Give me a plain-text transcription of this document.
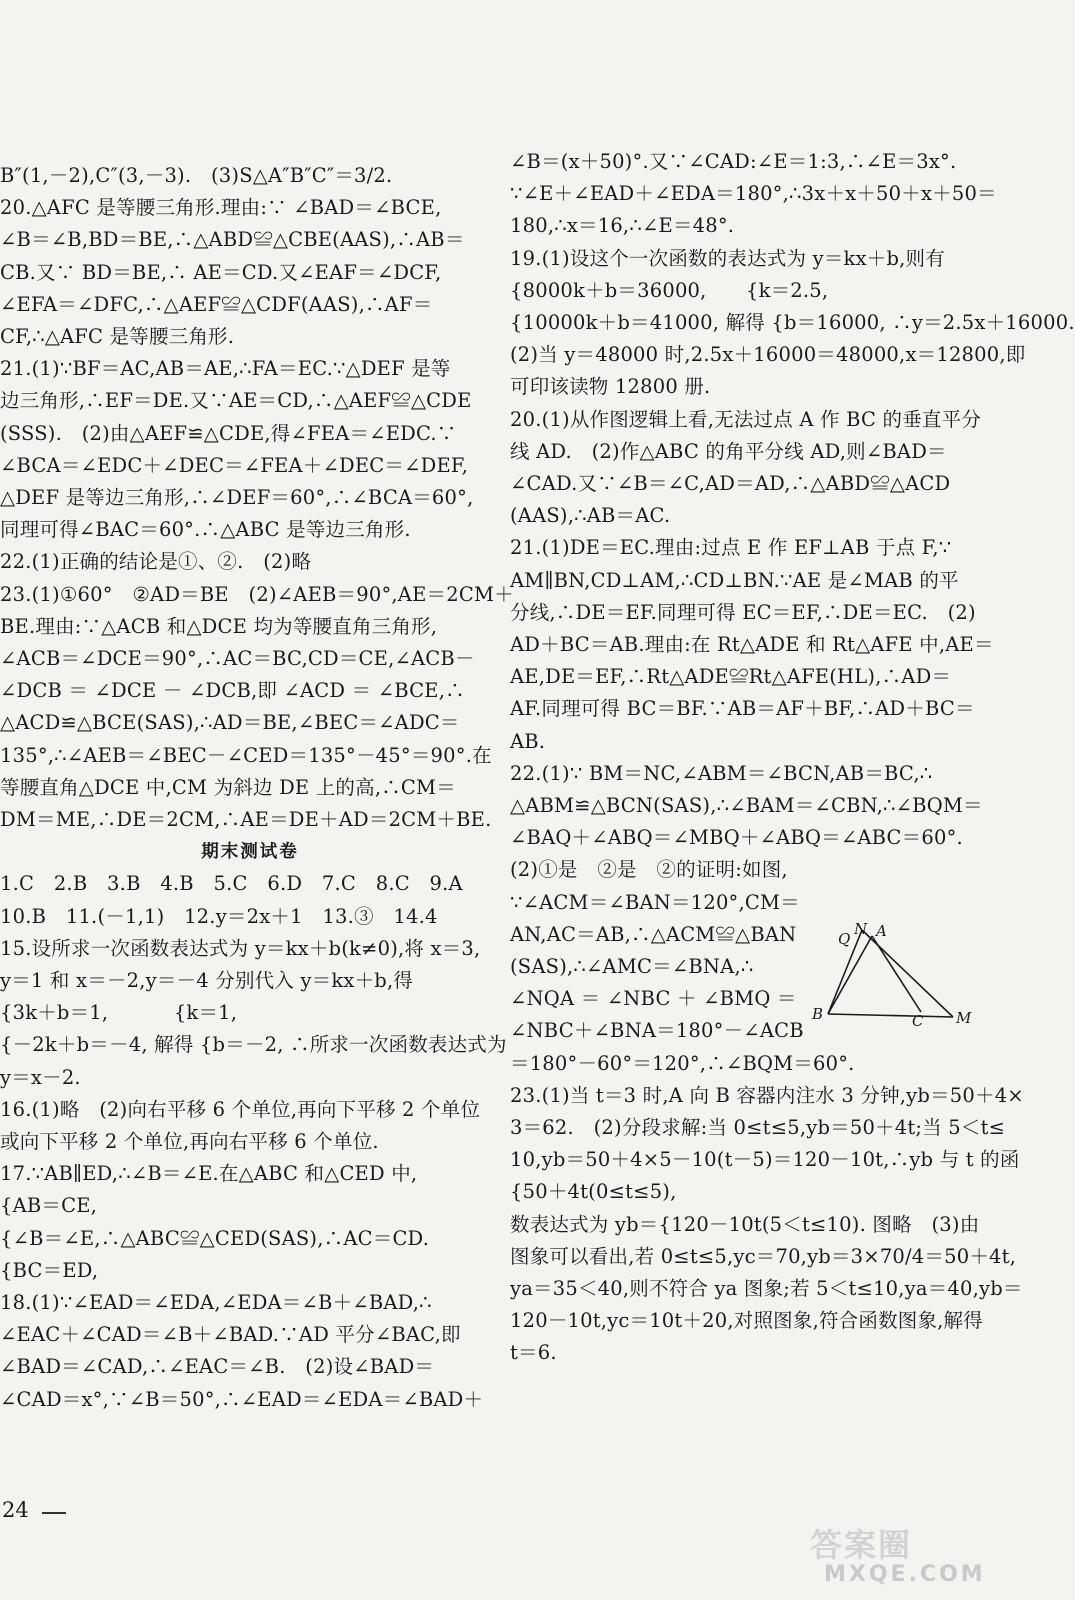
B″(1,－2),C″(3,－3).　(3)S△A″B″C″＝3/2.
20.△AFC 是等腰三角形.理由:∵ ∠BAD＝∠BCE,
∠B＝∠B,BD＝BE,∴△ABD≌△CBE(AAS),∴AB＝
CB.又∵ BD＝BE,∴ AE＝CD.又∠EAF＝∠DCF,
∠EFA＝∠DFC,∴△AEF≌△CDF(AAS),∴AF＝
CF,∴△AFC 是等腰三角形.
21.(1)∵BF＝AC,AB＝AE,∴FA＝EC.∵△DEF 是等
边三角形,∴EF＝DE.又∵AE＝CD,∴△AEF≌△CDE
(SSS).　(2)由△AEF≌△CDE,得∠FEA＝∠EDC.∵
∠BCA＝∠EDC＋∠DEC＝∠FEA＋∠DEC＝∠DEF,
△DEF 是等边三角形,∴∠DEF＝60°,∴∠BCA＝60°,
同理可得∠BAC＝60°.∴△ABC 是等边三角形.
22.(1)正确的结论是①、②.　(2)略
23.(1)①60°　②AD＝BE　(2)∠AEB＝90°,AE＝2CM＋
BE.理由:∵△ACB 和△DCE 均为等腰直角三角形,
∠ACB＝∠DCE＝90°,∴AC＝BC,CD＝CE,∠ACB－
∠DCB ＝ ∠DCE － ∠DCB,即 ∠ACD ＝ ∠BCE,∴
△ACD≌△BCE(SAS),∴AD＝BE,∠BEC＝∠ADC＝
135°,∴∠AEB＝∠BEC－∠CED＝135°－45°＝90°.在
等腰直角△DCE 中,CM 为斜边 DE 上的高,∴CM＝
DM＝ME,∴DE＝2CM,∴AE＝DE＋AD＝2CM＋BE.
期末测试卷
1.C　2.B　3.B　4.B　5.C　6.D　7.C　8.C　9.A
10.B　11.(－1,1)　12.y＝2x＋1　13.③　14.4
15.设所求一次函数表达式为 y＝kx＋b(k≠0),将 x＝3,
y＝1 和 x＝－2,y＝－4 分别代入 y＝kx＋b,得
{3k＋b＝1,　　　 {k＝1,
{－2k＋b＝－4, 解得 {b＝－2, ∴所求一次函数表达式为
y＝x－2.
16.(1)略　(2)向右平移 6 个单位,再向下平移 2 个单位
或向下平移 2 个单位,再向右平移 6 个单位.
17.∵AB∥ED,∴∠B＝∠E.在△ABC 和△CED 中,
{AB＝CE,
{∠B＝∠E,∴△ABC≌△CED(SAS),∴AC＝CD.
{BC＝ED,
18.(1)∵∠EAD＝∠EDA,∠EDA＝∠B＋∠BAD,∴
∠EAC＋∠CAD＝∠B＋∠BAD.∵AD 平分∠BAC,即
∠BAD＝∠CAD,∴∠EAC＝∠B.　(2)设∠BAD＝
∠CAD＝x°,∵∠B＝50°,∴∠EAD＝∠EDA＝∠BAD＋
∠B＝(x＋50)°.又∵∠CAD:∠E＝1:3,∴∠E＝3x°.
∵∠E＋∠EAD＋∠EDA＝180°,∴3x＋x＋50＋x＋50＝
180,∴x＝16,∴∠E＝48°.
19.(1)设这个一次函数的表达式为 y＝kx＋b,则有
{8000k＋b＝36000,　　{k＝2.5,
{10000k＋b＝41000, 解得 {b＝16000, ∴y＝2.5x＋16000.
(2)当 y＝48000 时,2.5x＋16000＝48000,x＝12800,即
可印该读物 12800 册.
20.(1)从作图逻辑上看,无法过点 A 作 BC 的垂直平分
线 AD.　(2)作△ABC 的角平分线 AD,则∠BAD＝
∠CAD.又∵∠B＝∠C,AD＝AD,∴△ABD≌△ACD
(AAS),∴AB＝AC.
21.(1)DE＝EC.理由:过点 E 作 EF⊥AB 于点 F,∵
AM∥BN,CD⊥AM,∴CD⊥BN.∵AE 是∠MAB 的平
分线,∴DE＝EF.同理可得 EC＝EF,∴DE＝EC.　(2)
AD＋BC＝AB.理由:在 Rt△ADE 和 Rt△AFE 中,AE＝
AE,DE＝EF,∴Rt△ADE≌Rt△AFE(HL),∴AD＝
AF.同理可得 BC＝BF.∵AB＝AF＋BF,∴AD＋BC＝
AB.
22.(1)∵ BM＝NC,∠ABM＝∠BCN,AB＝BC,∴
△ABM≌△BCN(SAS),∴∠BAM＝∠CBN,∴∠BQM＝
∠BAQ＋∠ABQ＝∠MBQ＋∠ABQ＝∠ABC＝60°.
(2)①是　②是　②的证明:如图,
∵∠ACM＝∠BAN＝120°,CM＝
AN,AC＝AB,∴△ACM≌△BAN
(SAS),∴∠AMC＝∠BNA,∴
∠NQA ＝ ∠NBC ＋ ∠BMQ ＝
∠NBC＋∠BNA＝180°－∠ACB
＝180°－60°＝120°,∴∠BQM＝60°.
23.(1)当 t＝3 时,A 向 B 容器内注水 3 分钟,yb＝50＋4×
3＝62.　(2)分段求解:当 0≤t≤5,yb＝50＋4t;当 5＜t≤
10,yb＝50＋4×5－10(t－5)＝120－10t,∴yb 与 t 的函
{50＋4t(0≤t≤5),
数表达式为 yb＝{120－10t(5＜t≤10). 图略　(3)由
图象可以看出,若 0≤t≤5,yc＝70,yb＝3×70/4＝50＋4t,
ya＝35＜40,则不符合 ya 图象;若 5＜t≤10,ya＝40,yb＝
120－10t,yc＝10t＋20,对照图象,符合函数图象,解得
t＝6.
Q
N A
B	C M
24
答案圈
MXQE.COM
